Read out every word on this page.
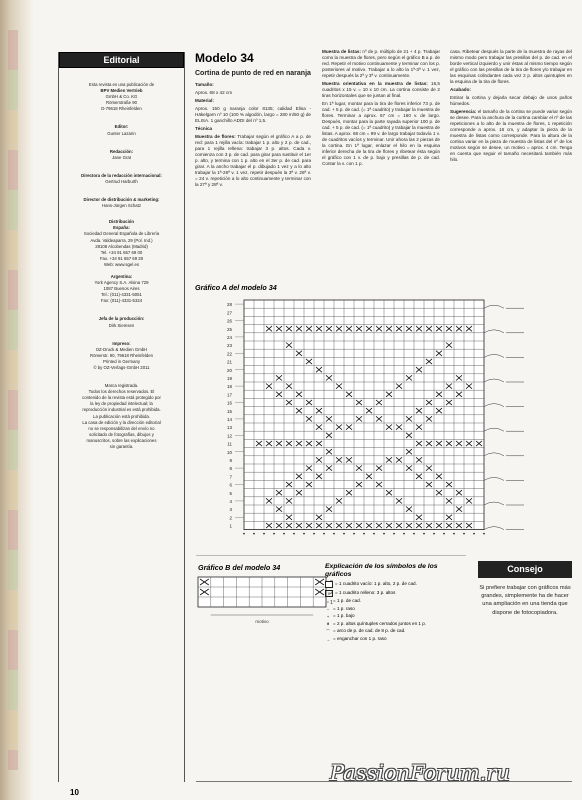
Editorial
Esta revista es una publicación de
BPV Medien Vertrieb
GmbH & Co. KG
Römerstraße 90
D-79618 Rheinfelden
Editor:
Gunter Lazarin
Redacción:
Jane Grat
Directora de la redacción internacional:
Gertrud Harburth
Director de distribución & marketing:
Hans-Jürgen Schatz
Distribución
España:
Sociedad General Española de Librería
Avda. Valdeaparra, 29 (Pol. Ind.)
28108 Alcobendas (Madrid)
Tel. +34 91 657 69 00
Fax. +34 91 657 69 28
Web: www.sgel.es
Argentina:
York Agency S.A. Alsina 729
1087 Buenos Aires
Tel.: (011)-4331-5051
Fax: (011)-4331-5324
Jefa de la producción:
Dirk Siemsen
Impreso:
OZ-Druck & Medien GmbH
Römerstr. 90, 79618 Rheinfelden
Printed in Germany
© by OZ-Verlags-GmbH 2011
Marca registrada.
Todos los derechos reservados. El
contenido de la revista está protegido por
la ley de propiedad intelectual; la
reproducción industrial es está prohibida.
La publicación está prohibida.
La casa de edición y la dirección editorial
no se responsabilizan del envío no
solicitado de fotografías, dibujos y
manuscritos, sobre las explicaciones
sin garantía.
Modelo 34
Cortina de punto de red en naranja
Tamaño:
Aprox. 68 x 42 cm
Material:
Aprox. 150 g naranja color 8135; calidad Elisa - Häkelgarn nº 10 (100 % algodón, largo = 280 m/50 g) de ELISA. 1 ganchillo ADDI del nº 1,5.
Técnica
Muestra de flores: Trabajar según el gráfico A a p. de red: para 1 rejilla vacía: trabajar 1 p. alto y 2 p. de cad., para 1 rejilla rellena: trabajar 3 p. altos. Cada v. comienza con 3 p. de cad. para girar para sustituir el 1er p. alto, y termina con 1 p. alto en el 3er p. de cad. para girar. A la ancho trabajar el p. dibujado 1 vez y a lo alto trabajar la 1ª-26ª v. 1 vez, repetir después la 3ª v. 26ª v. = 24 v. repetición a lo alto continuamente y terminar con la 27ª y 28ª v.
Muestra de listas: nº de p. múltiplo de 21 + 4 p. Trabajar como la muestra de flores, pero según el gráfico B a p. de red. Repetir el motivo continuamente y terminar con los p. posteriores al motivo. Trabajar a lo alto la 1ª-3ª v. 1 vez, repetir después la 2ª y 3ª v. continuamente.
Muestra orientativa en la muestra de listas: 16,5 cuadritos x 15 v. = 10 x 10 cm. La cortina consiste de 2 tiras horizontales que se juntan al final.
En 1ª lugar, montar para la tira de flores inferior 73 p. de cad. + 5 p. de cad. (= 1ª cuadrito) y trabajar la muestra de flores. Terminar a aprox. 67 cm = 160 v. de largo. Después, montar para la parte rayada superior 100 p. de cad. + 5 p. de cad. (= 1ª cuadrito) y trabajar la muestra de listas. A aprox. 68 cm = 99 v. de largo trabajar todavía 1 v. de cuadritos vacíos y terminar. Unir ahora las 2 piezas de la cortina. En 1ª lugar, enlazar el hilo en la esquina inferior derecha de la tira de flores y ribetear ésta según el gráfico con 1 v. de p. bajo y presillas de p. de cad. Contar la v. con 1 p.
casa. Ribetear después la parte de la muestra de rayas del mismo modo pero trabajar las presillas del p. de cad. en el borde vertical izquierdo y unir éstas al mismo tiempo según el gráfico con las presillas de la tira de flores y/o trabajar en las esquinas colindantes cada vez 2 p. altos quintuples en la esquina de la tira de flores.
Acabado:
Estirar la cortina y dejarla secar debajo de unos paños húmedos.
Sugerencia: el tamaño de la cortina se puede variar según se desee. Para la anchura de la cortina cambiar el nº de las repeticiones a lo alto de la muestra de flores, 1 repetición corresponde a aprox. 16 cm, y adaptar la pieza de la muestra de listas como corresponde. Para la altura de la cortina variar en la pieza de muestra de listas del nº de los motivos según se desee, un motivo = aprox. 4 cm. Tenga en cuenta que seguir el tamaño necesitará también más hilo.
Gráfico A del modelo 34
28
27
26
25
24
23
22
21
20
19
18
17
16
15
14
13
12
11
10
9
8
7
6
5
4
3
2
1
Gráfico B del modelo 34
2
1
motivo
Explicación de los símbolos de los gráficos
= 1 cuadrito vacío: 1 p. alto, 2 p. de cad.
X	= 1 cuadrito relleno: 3 p. altos
• = 1 p. de cad.
– = 1 p. raso
+ = 1 p. bajo
⋔ = 2 p. altos quíntuples cerrados juntos en 1 p.
⌒ = arco de p. de cad. de 8 p. de cad.
→ = enganchar con 1 p. raso
Consejo
Si prefiere trabajar con gráficos más grandes, simplemente ha de hacer una ampliación en una tienda que dispone de fotocopiadora.
10
PassionForum.ru
